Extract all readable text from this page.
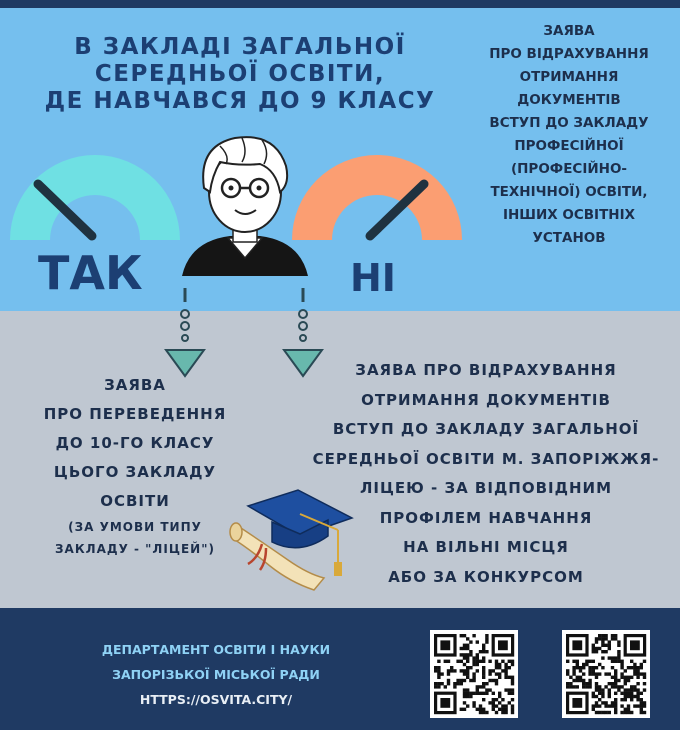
В ЗАКЛАДІ ЗАГАЛЬНОЇ
СЕРЕДНЬОЇ ОСВІТИ,
ДЕ НАВЧАВСЯ ДО 9 КЛАСУ
ЗАЯВА
ПРО ВІДРАХУВАННЯ
ОТРИМАННЯ
ДОКУМЕНТІВ
ВСТУП ДО ЗАКЛАДУ
ПРОФЕСІЙНОЇ
(ПРОФЕСІЙНО-
ТЕХНІЧНОЇ) ОСВІТИ,
ІНШИХ ОСВІТНІХ
УСТАНОВ
ТАК	НІ
ЗАЯВА
ПРО ПЕРЕВЕДЕННЯ
ДО 10-ГО КЛАСУ
ЦЬОГО ЗАКЛАДУ
ОСВІТИ
(ЗА УМОВИ ТИПУ
ЗАКЛАДУ - "ЛІЦЕЙ")
ЗАЯВА ПРО ВІДРАХУВАННЯ
ОТРИМАННЯ ДОКУМЕНТІВ
ВСТУП ДО ЗАКЛАДУ ЗАГАЛЬНОЇ
СЕРЕДНЬОЇ ОСВІТИ М. ЗАПОРІЖЖЯ-
ЛІЦЕЮ - ЗА ВІДПОВІДНИМ
ПРОФІЛЕМ НАВЧАННЯ
НА ВІЛЬНІ МІСЦЯ
АБО ЗА КОНКУРСОМ
ДЕПАРТАМЕНТ ОСВІТИ І НАУКИ
ЗАПОРІЗЬКОЇ МІСЬКОЇ РАДИ
HTTPS://OSVITA.CITY/
